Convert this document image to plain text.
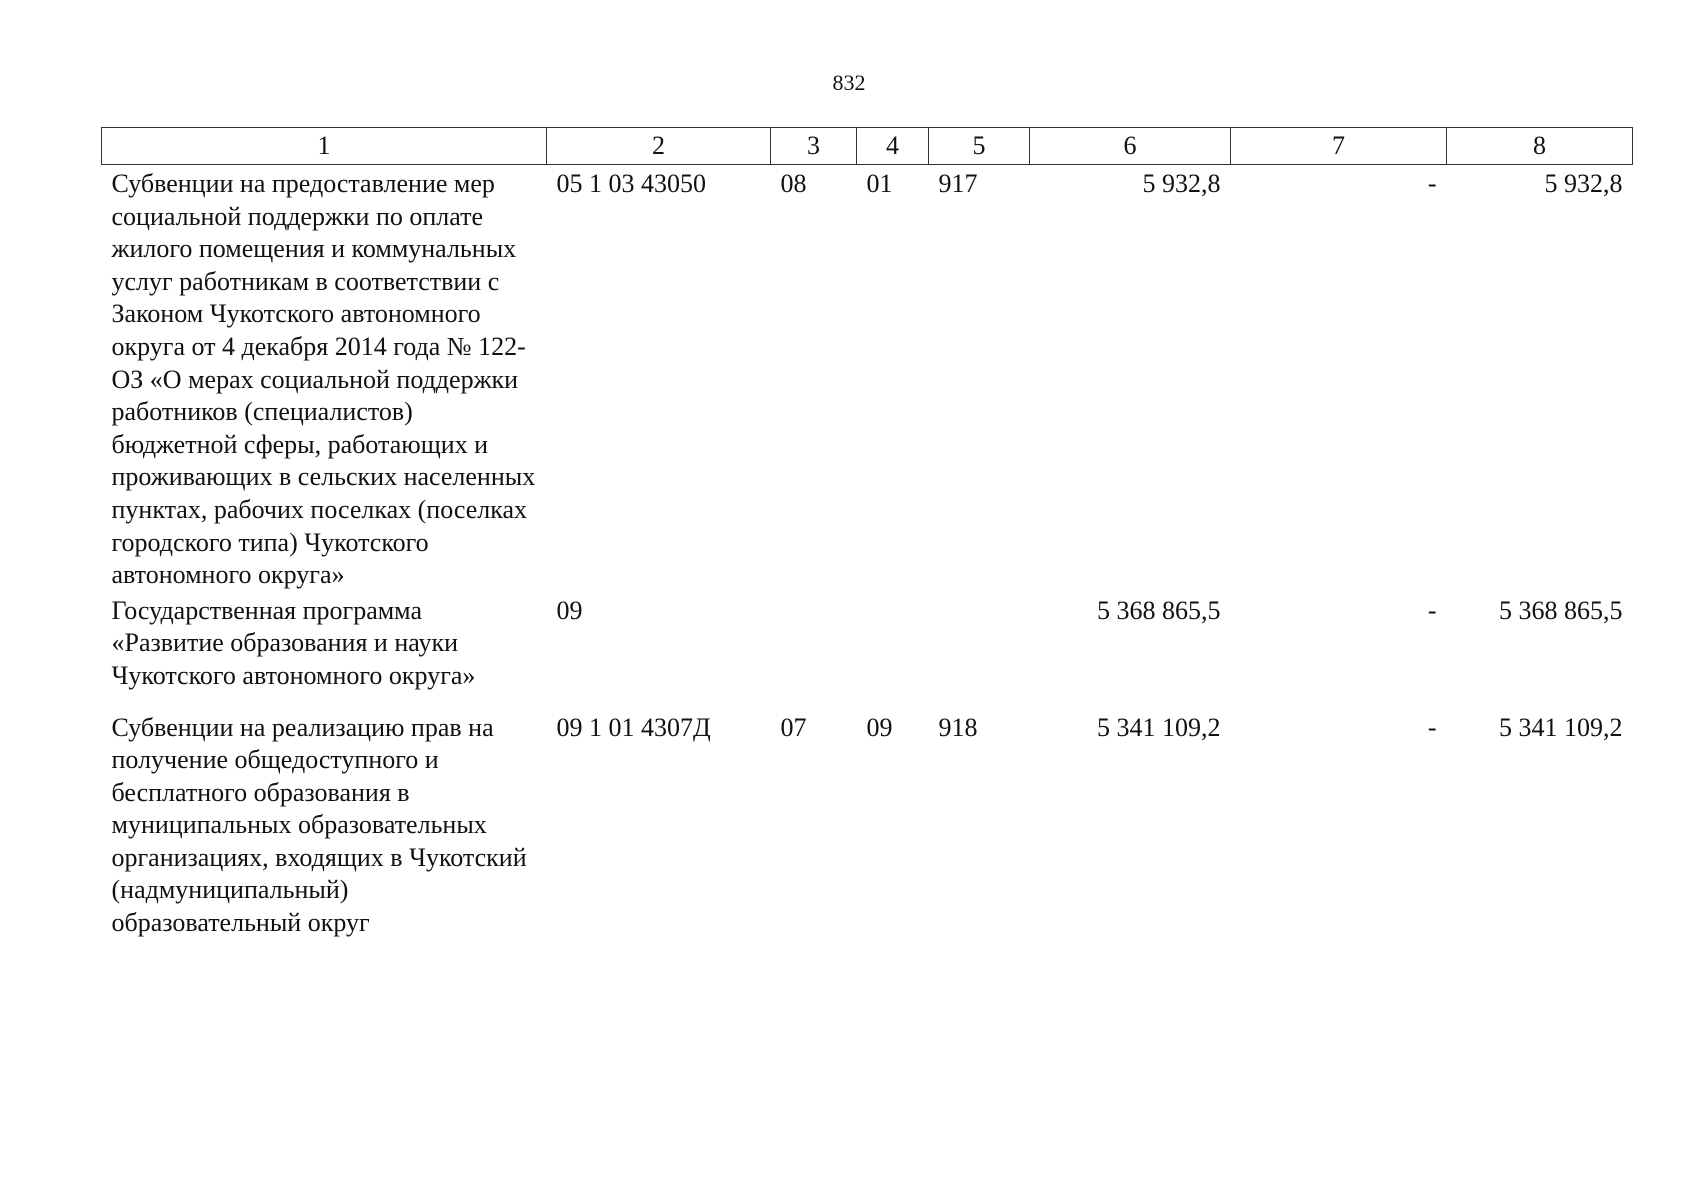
832
1	2	3	4	5	6	7	8
Субвенции на предоставление мер социальной поддержки по оплате жилого помещения и коммунальных услуг работникам в соответствии с Законом Чукотского автономного округа от 4 декабря 2014 года № 122-ОЗ «О мерах социальной поддержки работников (специалистов) бюджетной сферы, работающих и проживающих в сельских населенных пунктах, рабочих поселках (поселках городского типа) Чукотского автономного округа»	05 1 03 43050	08	01	917	5 932,8	-	5 932,8
Государственная программа «Развитие образования и науки Чукотского автономного округа»	09				5 368 865,5	-	5 368 865,5
Субвенции на реализацию прав на получение общедоступного и бесплатного образования в муниципальных образовательных организациях, входящих в Чукотский (надмуниципальный) образовательный округ	09 1 01 4307Д	07	09	918	5 341 109,2	-	5 341 109,2
